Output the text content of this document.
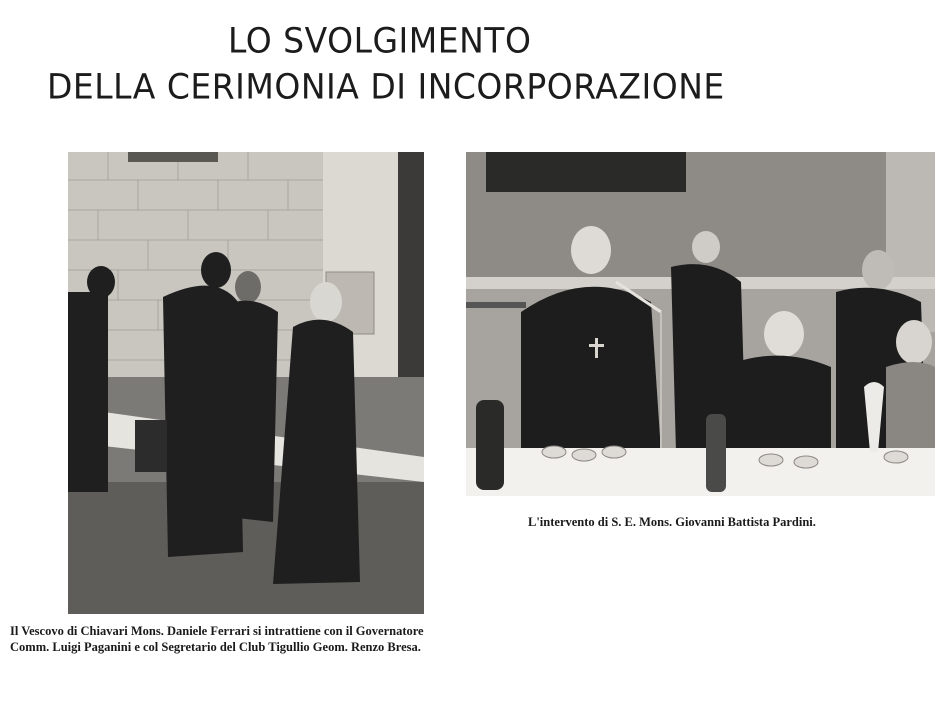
LO SVOLGIMENTO
DELLA CERIMONIA DI INCORPORAZIONE

L'intervento di S. E. Mons. Giovanni Battista Pardini.

Il Vescovo di Chiavari Mons. Daniele Ferrari si intrattiene con il Governatore
Comm. Luigi Paganini e col Segretario del Club Tigullio Geom. Renzo Bresa.
